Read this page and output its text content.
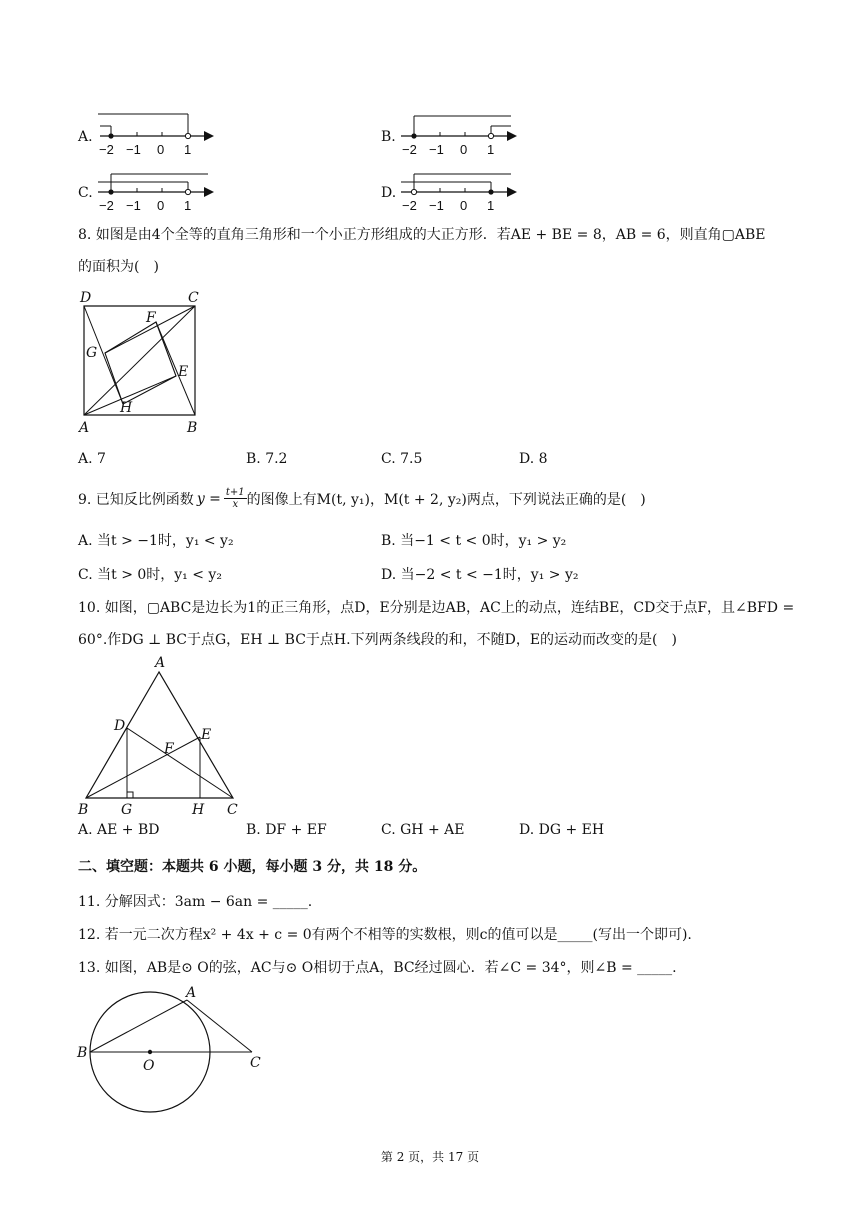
A.
−2 −1 0 1
B.
−2 −1 0 1
C.
−2 −1 0 1
D.
−2 −1 0 1
8. 如图是由4个全等的直角三角形和一个小正方形组成的大正方形．若AE + BE = 8，AB = 6，则直角▢ABE
的面积为(　)
D	C
F
G
E
H
A	B
A. 7	B. 7.2	C. 7.5	D. 8
9. 已知反比例函数 $y = \frac{t+1}{x}$ 的图像上有M(t, y₁)，M(t + 2, y₂)两点，下列说法正确的是(　)
A. 当t > −1时，y₁ < y₂	B. 当−1 < t < 0时，y₁ > y₂
C. 当t > 0时，y₁ < y₂	D. 当−2 < t < −1时，y₁ > y₂
10. 如图，▢ABC是边长为1的正三角形，点D，E分别是边AB，AC上的动点，连结BE，CD交于点F，且∠BFD =
60°.作DG ⊥ BC于点G，EH ⊥ BC于点H.下列两条线段的和，不随D，E的运动而改变的是(　)
A
D
E
F
B G	H C
A. AE + BD	B. DF + EF	C. GH + AE	D. DG + EH
二、填空题：本题共 6 小题，每小题 3 分，共 18 分。
11. 分解因式：3am − 6an = _____.
12. 若一元二次方程x² + 4x + c = 0有两个不相等的实数根，则c的值可以是_____(写出一个即可).
13. 如图，AB是⊙ O的弦，AC与⊙ O相切于点A，BC经过圆心．若∠C = 34°，则∠B = _____.
A
B
O	C
第 2 页，共 17 页
